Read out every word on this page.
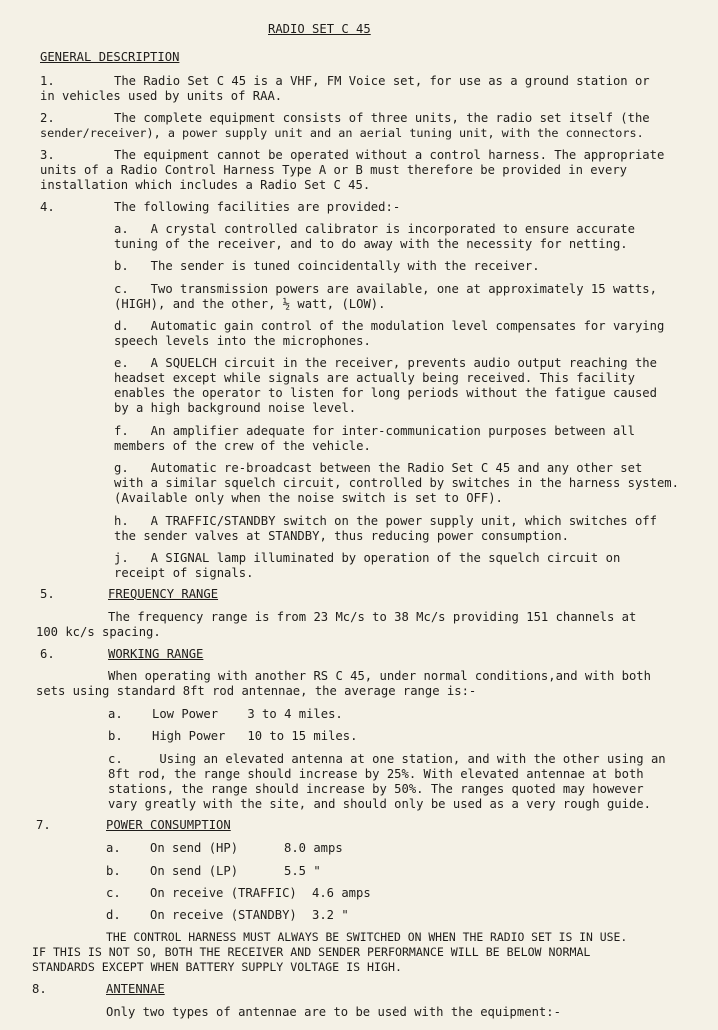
RADIO SET C 45
GENERAL DESCRIPTION
1.	The Radio Set C 45 is a VHF, FM Voice set, for use as a ground station or
in vehicles used by units of RAA.
2.	The complete equipment consists of three units, the radio set itself (the
sender/receiver), a power supply unit and an aerial tuning unit, with the connectors.
3.	The equipment cannot be operated without a control harness. The appropriate
units of a Radio Control Harness Type A or B must therefore be provided in every
installation which includes a Radio Set C 45.
4.	The following facilities are provided:-
a.   A crystal controlled calibrator is incorporated to ensure accurate
tuning of the receiver, and to do away with the necessity for netting.
b.   The sender is tuned coincidentally with the receiver.
c.   Two transmission powers are available, one at approximately 15 watts,
(HIGH), and the other, ½ watt, (LOW).
d.   Automatic gain control of the modulation level compensates for varying
speech levels into the microphones.
e.   A SQUELCH circuit in the receiver, prevents audio output reaching the
headset except while signals are actually being received. This facility
enables the operator to listen for long periods without the fatigue caused
by a high background noise level.
f.   An amplifier adequate for inter-communication purposes between all
members of the crew of the vehicle.
g.   Automatic re-broadcast between the Radio Set C 45 and any other set
with a similar squelch circuit, controlled by switches in the harness system.
(Available only when the noise switch is set to OFF).
h.   A TRAFFIC/STANDBY switch on the power supply unit, which switches off
the sender valves at STANDBY, thus reducing power consumption.
j.   A SIGNAL lamp illuminated by operation of the squelch circuit on
receipt of signals.
5.	FREQUENCY RANGE
The frequency range is from 23 Mc/s to 38 Mc/s providing 151 channels at
100 kc/s spacing.
6.	WORKING RANGE
When operating with another RS C 45, under normal conditions,and with both
sets using standard 8ft rod antennae, the average range is:-
a. Low Power    3 to 4 miles.
b. High Power   10 to 15 miles.
c.     Using an elevated antenna at one station, and with the other using an
8ft rod, the range should increase by 25%. With elevated antennae at both
stations, the range should increase by 50%. The ranges quoted may however
vary greatly with the site, and should only be used as a very rough guide.
7.	POWER CONSUMPTION
a. On send (HP)	8.0 amps
b. On send (LP)	5.5 "
c. On receive (TRAFFIC) 4.6 amps
d. On receive (STANDBY) 3.2 "
THE CONTROL HARNESS MUST ALWAYS BE SWITCHED ON WHEN THE RADIO SET IS IN USE.
IF THIS IS NOT SO, BOTH THE RECEIVER AND SENDER PERFORMANCE WILL BE BELOW NORMAL
STANDARDS EXCEPT WHEN BATTERY SUPPLY VOLTAGE IS HIGH.
8.	ANTENNAE
Only two types of antennae are to be used with the equipment:-
